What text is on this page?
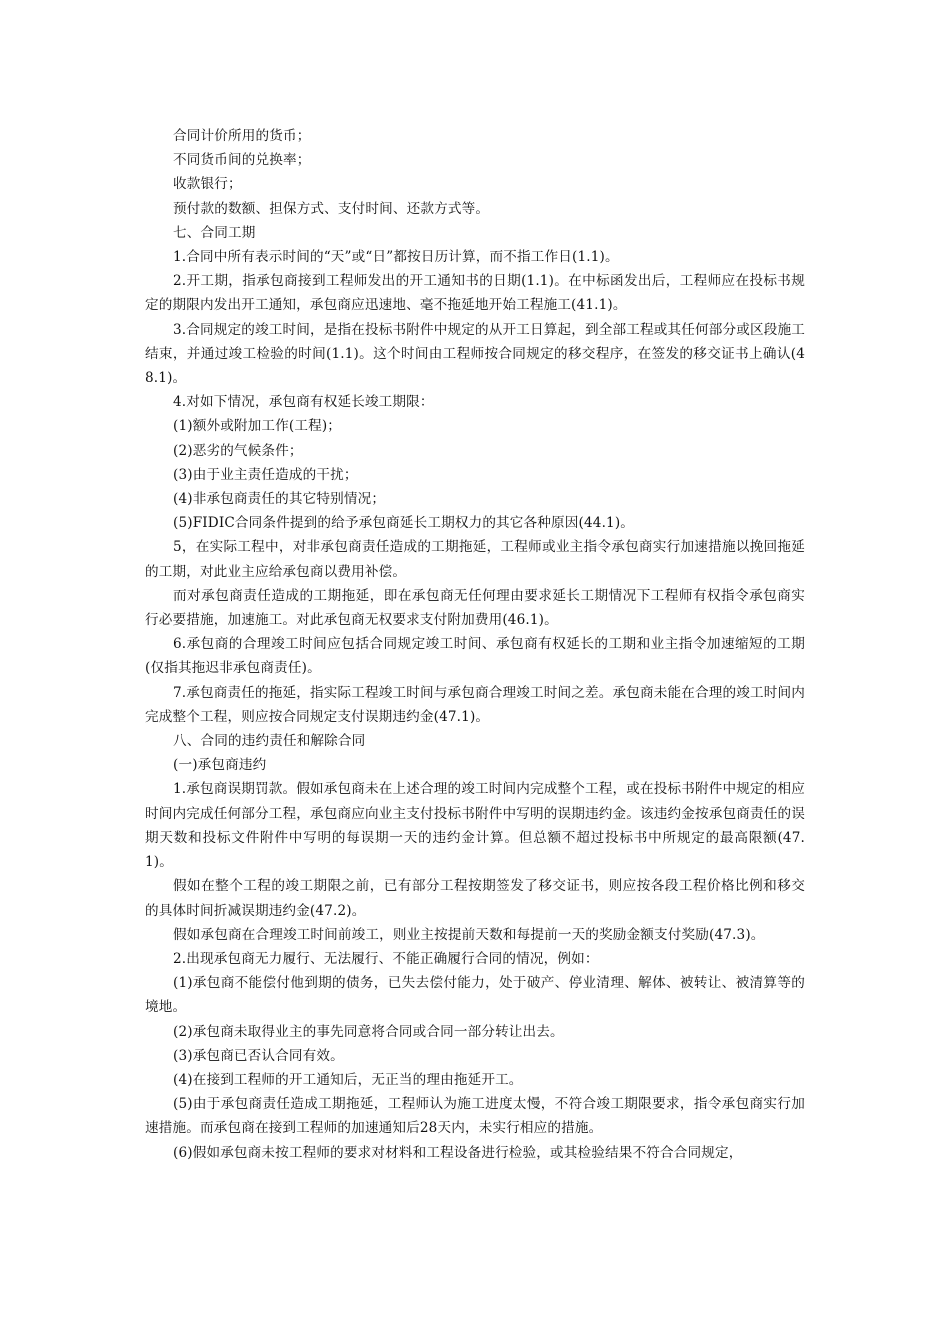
合同计价所用的货币；

不同货币间的兑换率；

收款银行；

预付款的数额、担保方式、支付时间、还款方式等。

七、合同工期

1.合同中所有表示时间的“天”或“日”都按日历计算，而不指工作日(1.1)。

2.开工期，指承包商接到工程师发出的开工通知书的日期(1.1)。在中标函发出后，工程师应在投标书规定的期限内发出开工通知，承包商应迅速地、毫不拖延地开始工程施工(41.1)。

3.合同规定的竣工时间，是指在投标书附件中规定的从开工日算起，到全部工程或其任何部分或区段施工结束，并通过竣工检验的时间(1.1)。这个时间由工程师按合同规定的移交程序，在签发的移交证书上确认(48.1)。

4.对如下情况，承包商有权延长竣工期限：

(1)额外或附加工作(工程)；

(2)恶劣的气候条件；

(3)由于业主责任造成的干扰；

(4)非承包商责任的其它特别情况；

(5)FIDIC合同条件提到的给予承包商延长工期权力的其它各种原因(44.1)。

5，在实际工程中，对非承包商责任造成的工期拖延，工程师或业主指令承包商实行加速措施以挽回拖延的工期，对此业主应给承包商以费用补偿。

而对承包商责任造成的工期拖延，即在承包商无任何理由要求延长工期情况下工程师有权指令承包商实行必要措施，加速施工。对此承包商无权要求支付附加费用(46.1)。

6.承包商的合理竣工时间应包括合同规定竣工时间、承包商有权延长的工期和业主指令加速缩短的工期(仅指其拖迟非承包商责任)。

7.承包商责任的拖延，指实际工程竣工时间与承包商合理竣工时间之差。承包商未能在合理的竣工时间内完成整个工程，则应按合同规定支付误期违约金(47.1)。

八、合同的违约责任和解除合同

(一)承包商违约

1.承包商误期罚款。假如承包商未在上述合理的竣工时间内完成整个工程，或在投标书附件中规定的相应时间内完成任何部分工程，承包商应向业主支付投标书附件中写明的误期违约金。该违约金按承包商责任的误期天数和投标文件附件中写明的每误期一天的违约金计算。但总额不超过投标书中所规定的最高限额(47.1)。

假如在整个工程的竣工期限之前，已有部分工程按期签发了移交证书，则应按各段工程价格比例和移交的具体时间折减误期违约金(47.2)。

假如承包商在合理竣工时间前竣工，则业主按提前天数和每提前一天的奖励金额支付奖励(47.3)。

2.出现承包商无力履行、无法履行、不能正确履行合同的情况，例如：

(1)承包商不能偿付他到期的债务，已失去偿付能力，处于破产、停业清理、解体、被转让、被清算等的境地。

(2)承包商未取得业主的事先同意将合同或合同一部分转让出去。

(3)承包商已否认合同有效。

(4)在接到工程师的开工通知后，无正当的理由拖延开工。

(5)由于承包商责任造成工期拖延，工程师认为施工进度太慢，不符合竣工期限要求，指令承包商实行加速措施。而承包商在接到工程师的加速通知后28天内，未实行相应的措施。

(6)假如承包商未按工程师的要求对材料和工程设备进行检验，或其检验结果不符合合同规定，
